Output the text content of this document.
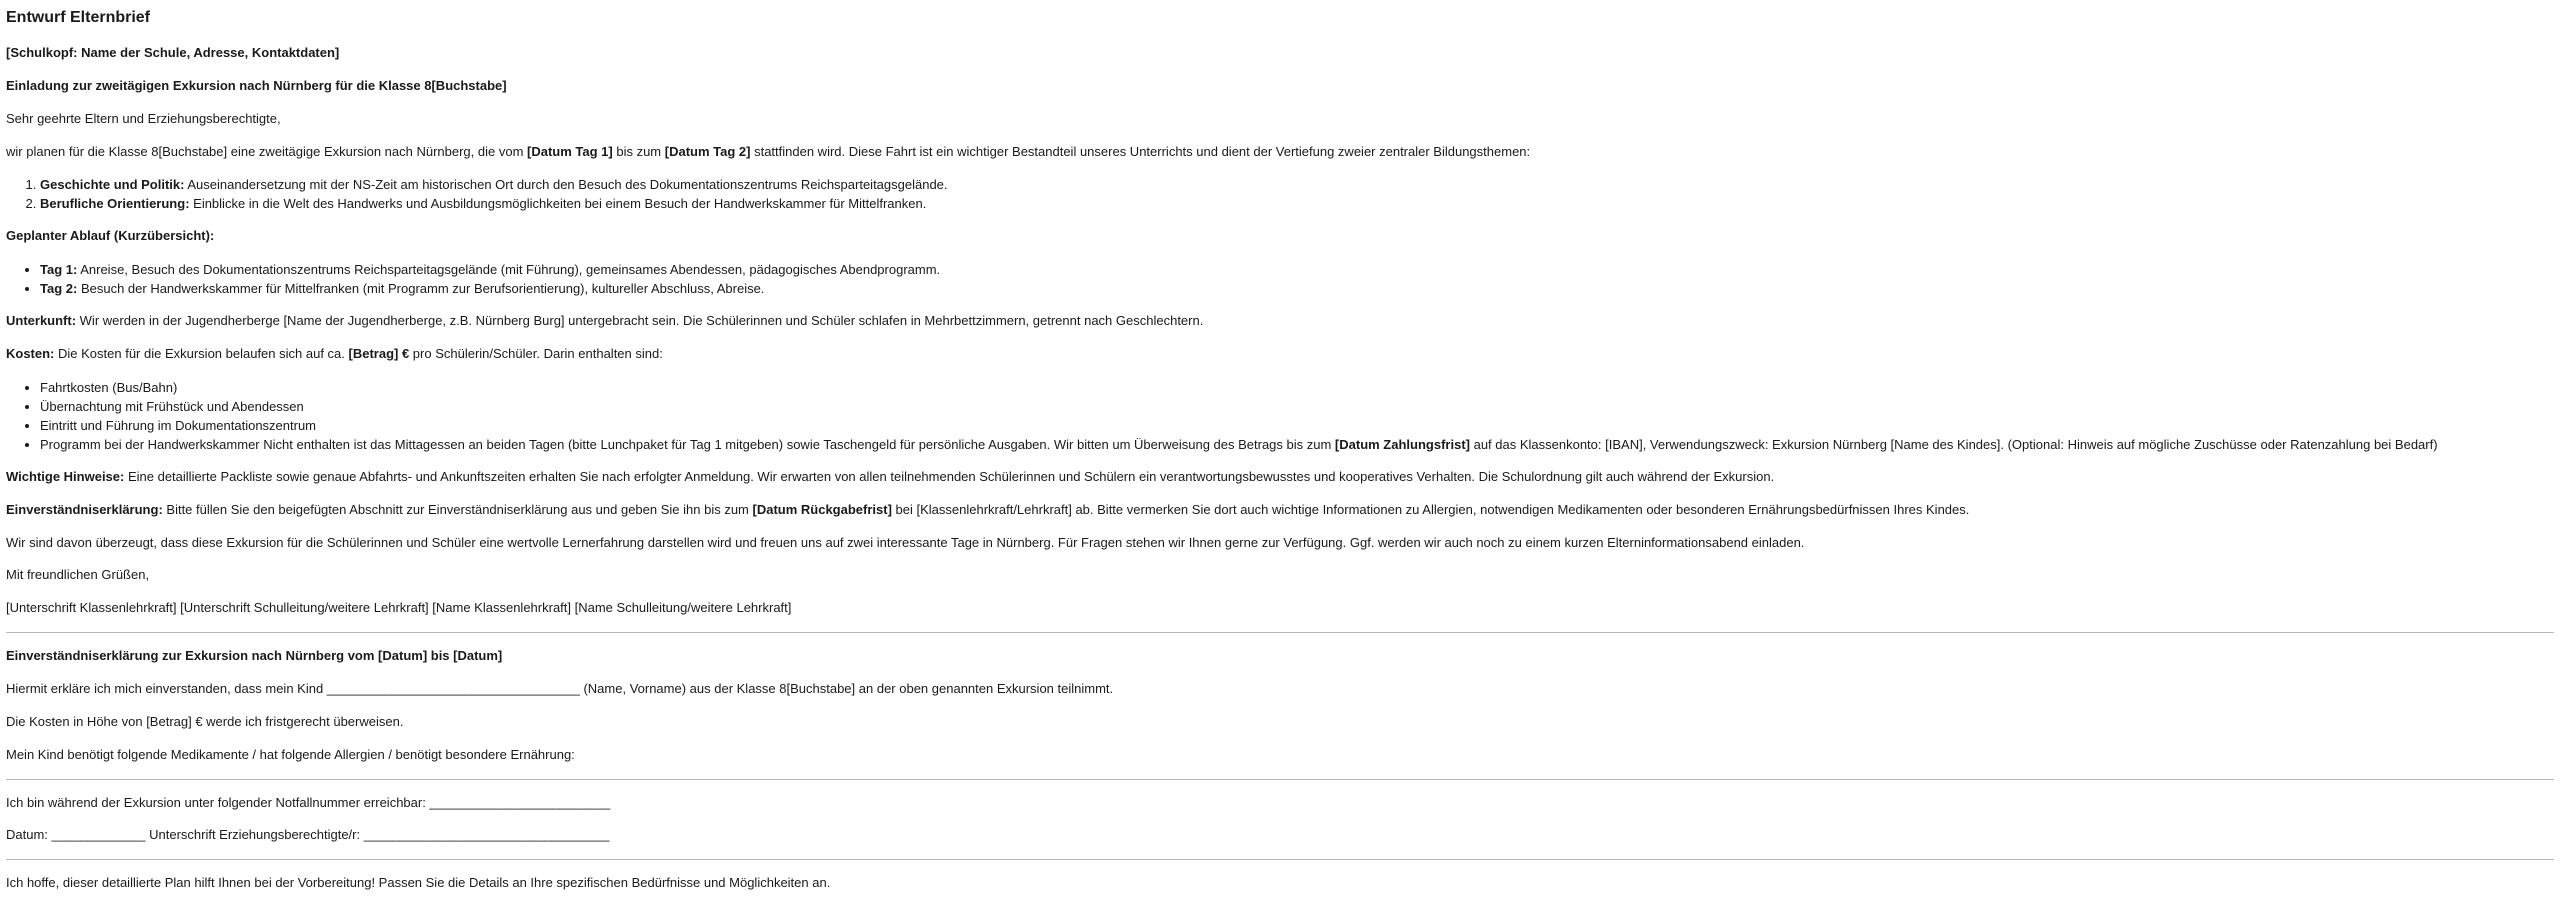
Entwurf Elternbrief

[Schulkopf: Name der Schule, Adresse, Kontaktdaten]

Einladung zur zweitägigen Exkursion nach Nürnberg für die Klasse 8[Buchstabe]

Sehr geehrte Eltern und Erziehungsberechtigte,

wir planen für die Klasse 8[Buchstabe] eine zweitägige Exkursion nach Nürnberg, die vom [Datum Tag 1] bis zum [Datum Tag 2] stattfinden wird. Diese Fahrt ist ein wichtiger Bestandteil unseres Unterrichts und dient der Vertiefung zweier zentraler Bildungsthemen:

1. Geschichte und Politik: Auseinandersetzung mit der NS-Zeit am historischen Ort durch den Besuch des Dokumentationszentrums Reichsparteitagsgelände.
2. Berufliche Orientierung: Einblicke in die Welt des Handwerks und Ausbildungsmöglichkeiten bei einem Besuch der Handwerkskammer für Mittelfranken.

Geplanter Ablauf (Kurzübersicht):

• Tag 1: Anreise, Besuch des Dokumentationszentrums Reichsparteitagsgelände (mit Führung), gemeinsames Abendessen, pädagogisches Abendprogramm.
• Tag 2: Besuch der Handwerkskammer für Mittelfranken (mit Programm zur Berufsorientierung), kultureller Abschluss, Abreise.

Unterkunft: Wir werden in der Jugendherberge [Name der Jugendherberge, z.B. Nürnberg Burg] untergebracht sein. Die Schülerinnen und Schüler schlafen in Mehrbettzimmern, getrennt nach Geschlechtern.

Kosten: Die Kosten für die Exkursion belaufen sich auf ca. [Betrag] € pro Schülerin/Schüler. Darin enthalten sind:

• Fahrtkosten (Bus/Bahn)
• Übernachtung mit Frühstück und Abendessen
• Eintritt und Führung im Dokumentationszentrum
• Programm bei der Handwerkskammer Nicht enthalten ist das Mittagessen an beiden Tagen (bitte Lunchpaket für Tag 1 mitgeben) sowie Taschengeld für persönliche Ausgaben. Wir bitten um Überweisung des Betrags bis zum [Datum Zahlungsfrist] auf das Klassenkonto: [IBAN], Verwendungszweck: Exkursion Nürnberg [Name des Kindes]. (Optional: Hinweis auf mögliche Zuschüsse oder Ratenzahlung bei Bedarf)

Wichtige Hinweise: Eine detaillierte Packliste sowie genaue Abfahrts- und Ankunftszeiten erhalten Sie nach erfolgter Anmeldung. Wir erwarten von allen teilnehmenden Schülerinnen und Schülern ein verantwortungsbewusstes und kooperatives Verhalten. Die Schulordnung gilt auch während der Exkursion.

Einverständniserklärung: Bitte füllen Sie den beigefügten Abschnitt zur Einverständniserklärung aus und geben Sie ihn bis zum [Datum Rückgabefrist] bei [Klassenlehrkraft/Lehrkraft] ab. Bitte vermerken Sie dort auch wichtige Informationen zu Allergien, notwendigen Medikamenten oder besonderen Ernährungsbedürfnissen Ihres Kindes.

Wir sind davon überzeugt, dass diese Exkursion für die Schülerinnen und Schüler eine wertvolle Lernerfahrung darstellen wird und freuen uns auf zwei interessante Tage in Nürnberg. Für Fragen stehen wir Ihnen gerne zur Verfügung. Ggf. werden wir auch noch zu einem kurzen Elterninformationsabend einladen.

Mit freundlichen Grüßen,

[Unterschrift Klassenlehrkraft] [Unterschrift Schulleitung/weitere Lehrkraft] [Name Klassenlehrkraft] [Name Schulleitung/weitere Lehrkraft]

Einverständniserklärung zur Exkursion nach Nürnberg vom [Datum] bis [Datum]

Hiermit erkläre ich mich einverstanden, dass mein Kind ___________________________________ (Name, Vorname) aus der Klasse 8[Buchstabe] an der oben genannten Exkursion teilnimmt.

Die Kosten in Höhe von [Betrag] € werde ich fristgerecht überweisen.

Mein Kind benötigt folgende Medikamente / hat folgende Allergien / benötigt besondere Ernährung:

Ich bin während der Exkursion unter folgender Notfallnummer erreichbar: _________________________

Datum: _____________ Unterschrift Erziehungsberechtigte/r: __________________________________

Ich hoffe, dieser detaillierte Plan hilft Ihnen bei der Vorbereitung! Passen Sie die Details an Ihre spezifischen Bedürfnisse und Möglichkeiten an.
